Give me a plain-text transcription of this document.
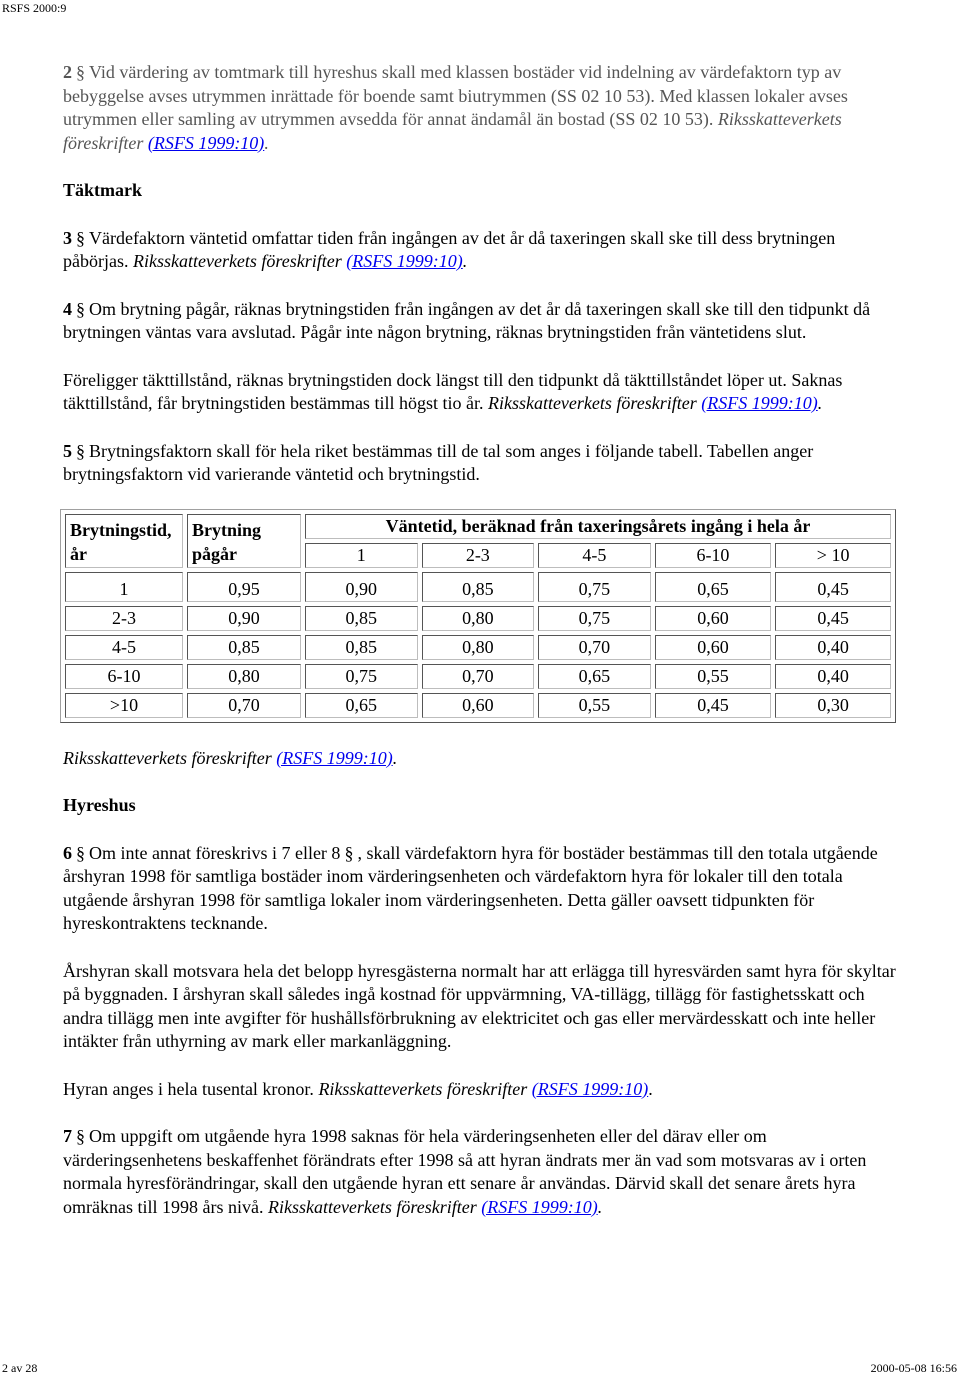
RSFS 2000:9

2 § Vid värdering av tomtmark till hyreshus skall med klassen bostäder vid indelning av värdefaktorn typ av bebyggelse avses utrymmen inrättade för boende samt biutrymmen (SS 02 10 53). Med klassen lokaler avses utrymmen eller samling av utrymmen avsedda för annat ändamål än bostad (SS 02 10 53). Riksskatteverkets föreskrifter (RSFS 1999:10).

Täktmark

3 § Värdefaktorn väntetid omfattar tiden från ingången av det år då taxeringen skall ske till dess brytningen påbörjas. Riksskatteverkets föreskrifter (RSFS 1999:10).

4 § Om brytning pågår, räknas brytningstiden från ingången av det år då taxeringen skall ske till den tidpunkt då brytningen väntas vara avslutad. Pågår inte någon brytning, räknas brytningstiden från väntetidens slut.

Föreligger täkttillstånd, räknas brytningstiden dock längst till den tidpunkt då täkttillståndet löper ut. Saknas täkttillstånd, får brytningstiden bestämmas till högst tio år. Riksskatteverkets föreskrifter (RSFS 1999:10).

5 § Brytningsfaktorn skall för hela riket bestämmas till de tal som anges i följande tabell. Tabellen anger brytningsfaktorn vid varierande väntetid och brytningstid.

Brytningstid, år	Brytning pågår	Väntetid, beräknad från taxeringsårets ingång i hela år				
		1	2-3	4-5	6-10	> 10
1	0,95	0,90	0,85	0,75	0,65	0,45
2-3	0,90	0,85	0,80	0,75	0,60	0,45
4-5	0,85	0,85	0,80	0,70	0,60	0,40
6-10	0,80	0,75	0,70	0,65	0,55	0,40
>10	0,70	0,65	0,60	0,55	0,45	0,30

Riksskatteverkets föreskrifter (RSFS 1999:10).

Hyreshus

6 § Om inte annat föreskrivs i 7 eller 8 § , skall värdefaktorn hyra för bostäder bestämmas till den totala utgående årshyran 1998 för samtliga bostäder inom värderingsenheten och värdefaktorn hyra för lokaler till den totala utgående årshyran 1998 för samtliga lokaler inom värderingsenheten. Detta gäller oavsett tidpunkten för hyreskontraktens tecknande.

Årshyran skall motsvara hela det belopp hyresgästerna normalt har att erlägga till hyresvärden samt hyra för skyltar på byggnaden. I årshyran skall således ingå kostnad för uppvärmning, VA-tillägg, tillägg för fastighetsskatt och andra tillägg men inte avgifter för hushållsförbrukning av elektricitet och gas eller mervärdesskatt och inte heller intäkter från uthyrning av mark eller markanläggning.

Hyran anges i hela tusental kronor. Riksskatteverkets föreskrifter (RSFS 1999:10).

7 § Om uppgift om utgående hyra 1998 saknas för hela värderingsenheten eller del därav eller om värderingsenhetens beskaffenhet förändrats efter 1998 så att hyran ändrats mer än vad som motsvaras av i orten normala hyresförändringar, skall den utgående hyran ett senare år användas. Därvid skall det senare årets hyra omräknas till 1998 års nivå. Riksskatteverkets föreskrifter (RSFS 1999:10).

2 av 28	2000-05-08 16:56
